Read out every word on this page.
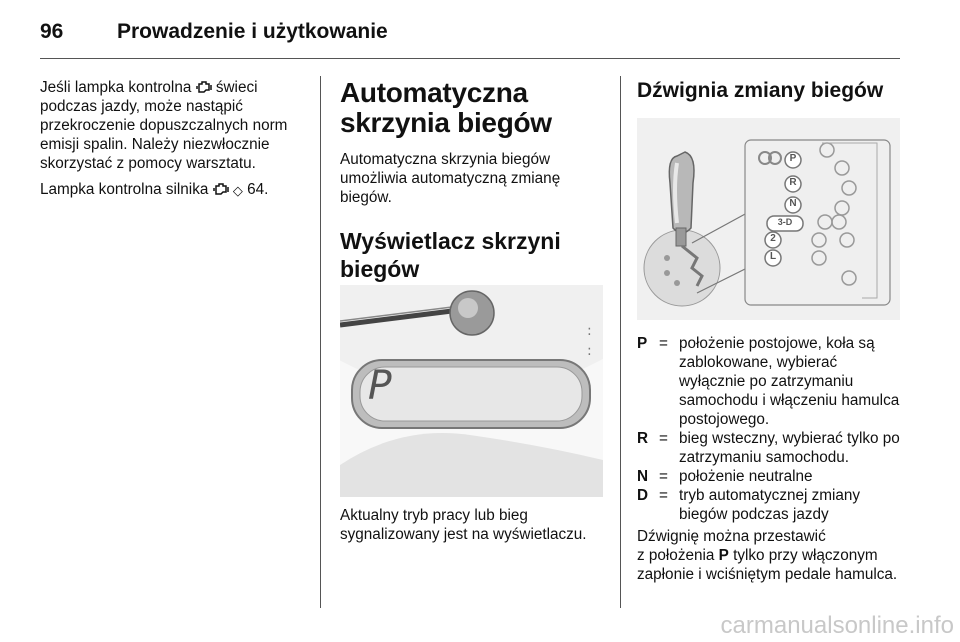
96	Prowadzenie i użytkowanie

Jeśli lampka kontrolna świeci podczas jazdy, może nastąpić przekroczenie dopuszczalnych norm emisji spalin. Należy niezwłocznie skorzystać z pomocy warsztatu.

Lampka kontrolna silnika ◇ 64.

Automatyczna skrzynia biegów

Automatyczna skrzynia biegów umożliwia automatyczną zmianę biegów.

Wyświetlacz skrzyni biegów
:
:
P

Aktualny tryb pracy lub bieg sygnalizowany jest na wyświetlaczu.

Dźwignia zmiany biegów
P
R
N
3-D
2
L
P = położenie postojowe, koła są zablokowane, wybierać wyłącznie po zatrzymaniu samochodu i włączeniu hamulca postojowego.
R = bieg wsteczny, wybierać tylko po zatrzymaniu samochodu.
N = położenie neutralne
D = tryb automatycznej zmiany biegów podczas jazdy

Dźwignię można przestawić
z położenia P tylko przy włączonym zapłonie i wciśniętym pedale hamulca.

carmanualsonline.info
